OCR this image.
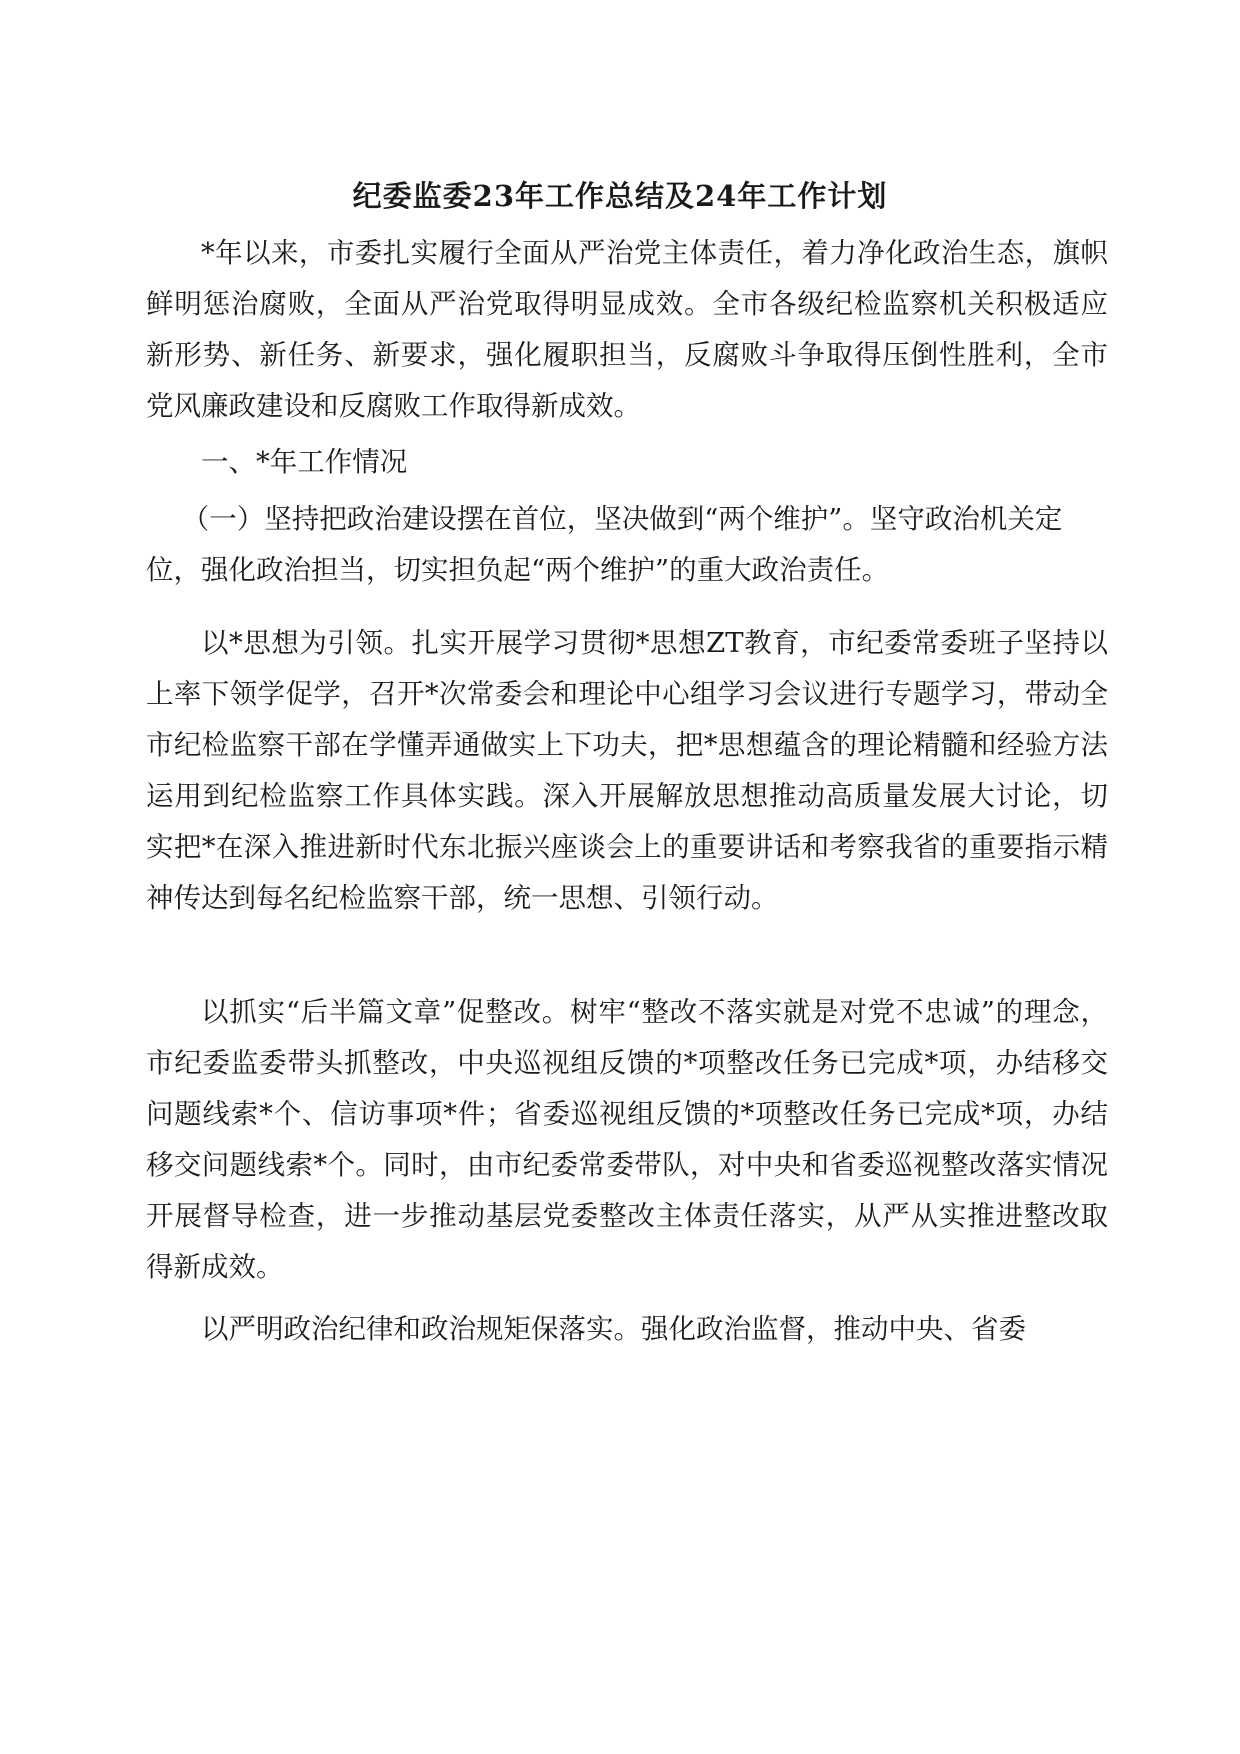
纪委监委23年工作总结及24年工作计划

*年以来，市委扎实履行全面从严治党主体责任，着力净化政治生态，旗帜鲜明惩治腐败，全面从严治党取得明显成效。全市各级纪检监察机关积极适应新形势、新任务、新要求，强化履职担当，反腐败斗争取得压倒性胜利，全市党风廉政建设和反腐败工作取得新成效。

一、*年工作情况

（一）坚持把政治建设摆在首位，坚决做到“两个维护”。坚守政治机关定位，强化政治担当，切实担负起“两个维护”的重大政治责任。

以*思想为引领。扎实开展学习贯彻*思想ZT教育，市纪委常委班子坚持以上率下领学促学，召开*次常委会和理论中心组学习会议进行专题学习，带动全市纪检监察干部在学懂弄通做实上下功夫，把*思想蕴含的理论精髓和经验方法运用到纪检监察工作具体实践。深入开展解放思想推动高质量发展大讨论，切实把*在深入推进新时代东北振兴座谈会上的重要讲话和考察我省的重要指示精神传达到每名纪检监察干部，统一思想、引领行动。

以抓实“后半篇文章”促整改。树牢“整改不落实就是对党不忠诚”的理念，市纪委监委带头抓整改，中央巡视组反馈的*项整改任务已完成*项，办结移交问题线索*个、信访事项*件；省委巡视组反馈的*项整改任务已完成*项，办结移交问题线索*个。同时，由市纪委常委带队，对中央和省委巡视整改落实情况开展督导检查，进一步推动基层党委整改主体责任落实，从严从实推进整改取得新成效。

以严明政治纪律和政治规矩保落实。强化政治监督，推动中央、省委
